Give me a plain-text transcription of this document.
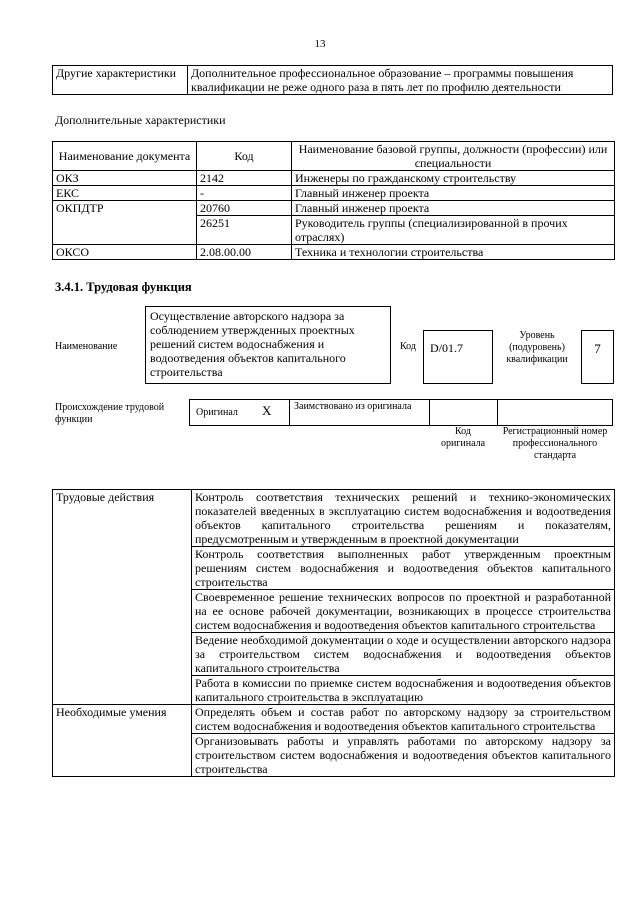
13
Другие характеристики	Дополнительное профессиональное образование – программы повышения квалификации не реже одного раза в пять лет по профилю деятельности
Дополнительные характеристики
Наименование документа	Код	Наименование базовой группы, должности (профессии) или специальности
ОКЗ	2142	Инженеры по гражданскому строительству
ЕКС	-	Главный инженер проекта
ОКПДТР	20760	Главный инженер проекта
	26251	Руководитель группы (специализированной в прочих отраслях)
ОКСО	2.08.00.00	Техника и технологии строительства
3.4.1. Трудовая функция
Наименование
Осуществление авторского надзора за соблюдением утвержденных проектных решений систем водоснабжения и водоотведения объектов капитального строительства
Код	D/01.7
Уровень (подуровень) квалификации
7
Происхождение трудовой функции
Оригинал X Заимствовано из оригинала
Код оригинала
Регистрационный номер профессионального стандарта
Трудовые действия	Контроль соответствия технических решений и технико-экономических показателей введенных в эксплуатацию систем водоснабжения и водоотведения объектов капитального строительства решениям и показателям, предусмотренным и утвержденным в проектной документации
	Контроль соответствия выполненных работ утвержденным проектным решениям систем водоснабжения и водоотведения объектов капитального строительства
	Своевременное решение технических вопросов по проектной и разработанной на ее основе рабочей документации, возникающих в процессе строительства систем водоснабжения и водоотведения объектов капитального строительства
	Ведение необходимой документации о ходе и осуществлении авторского надзора за строительством систем водоснабжения и водоотведения объектов капитального строительства
	Работа в комиссии по приемке систем водоснабжения и водоотведения объектов капитального строительства в эксплуатацию
Необходимые умения	Определять объем и состав работ по авторскому надзору за строительством систем водоснабжения и водоотведения объектов капитального строительства
	Организовывать работы и управлять работами по авторскому надзору за строительством систем водоснабжения и водоотведения объектов капитального строительства
